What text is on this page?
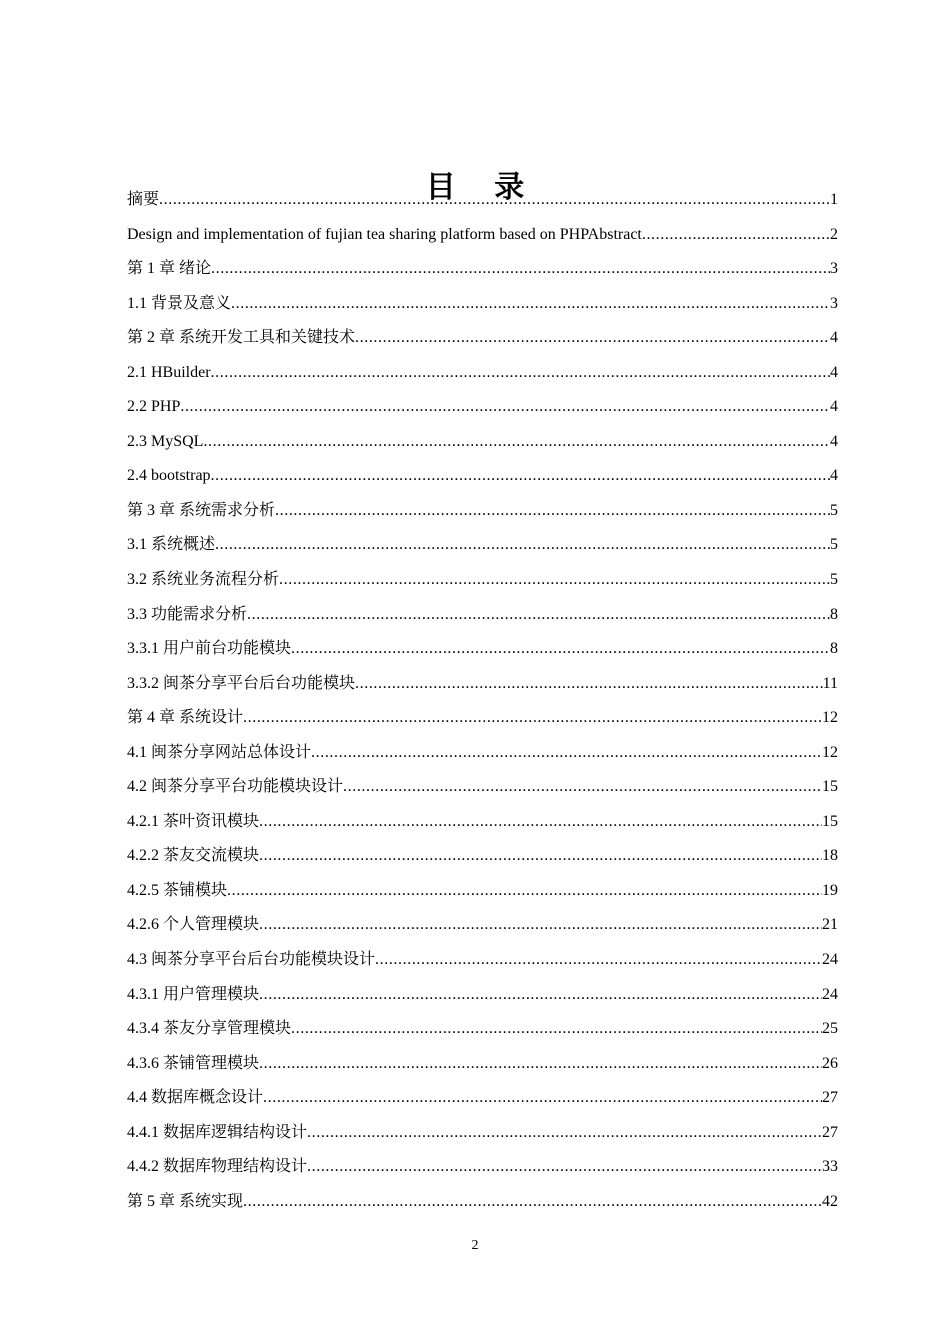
目 录
摘要 .....	1
Design and implementation of fujian tea sharing platform based on PHPAbstract .....	2
第 1 章 绪论 .....	3
1.1 背景及意义 .....	3
第 2 章 系统开发工具和关键技术 .....	4
2.1 HBuilder .....	4
2.2 PHP .....	4
2.3 MySQL .....	4
2.4 bootstrap .....	4
第 3 章 系统需求分析 .....	5
3.1 系统概述 .....	5
3.2 系统业务流程分析 .....	5
3.3 功能需求分析 .....	8
3.3.1 用户前台功能模块 .....	8
3.3.2 闽茶分享平台后台功能模块 .....	11
第 4 章 系统设计 .....	12
4.1 闽茶分享网站总体设计 .....	12
4.2 闽茶分享平台功能模块设计 .....	15
4.2.1 茶叶资讯模块 .....	15
4.2.2 茶友交流模块 .....	18
4.2.5 茶铺模块 .....	19
4.2.6 个人管理模块 .....	21
4.3 闽茶分享平台后台功能模块设计 .....	24
4.3.1 用户管理模块 .....	24
4.3.4 茶友分享管理模块 .....	25
4.3.6 茶铺管理模块 .....	26
4.4 数据库概念设计 .....	27
4.4.1 数据库逻辑结构设计 .....	27
4.4.2 数据库物理结构设计 .....	33
第 5 章 系统实现 .....	42
2
